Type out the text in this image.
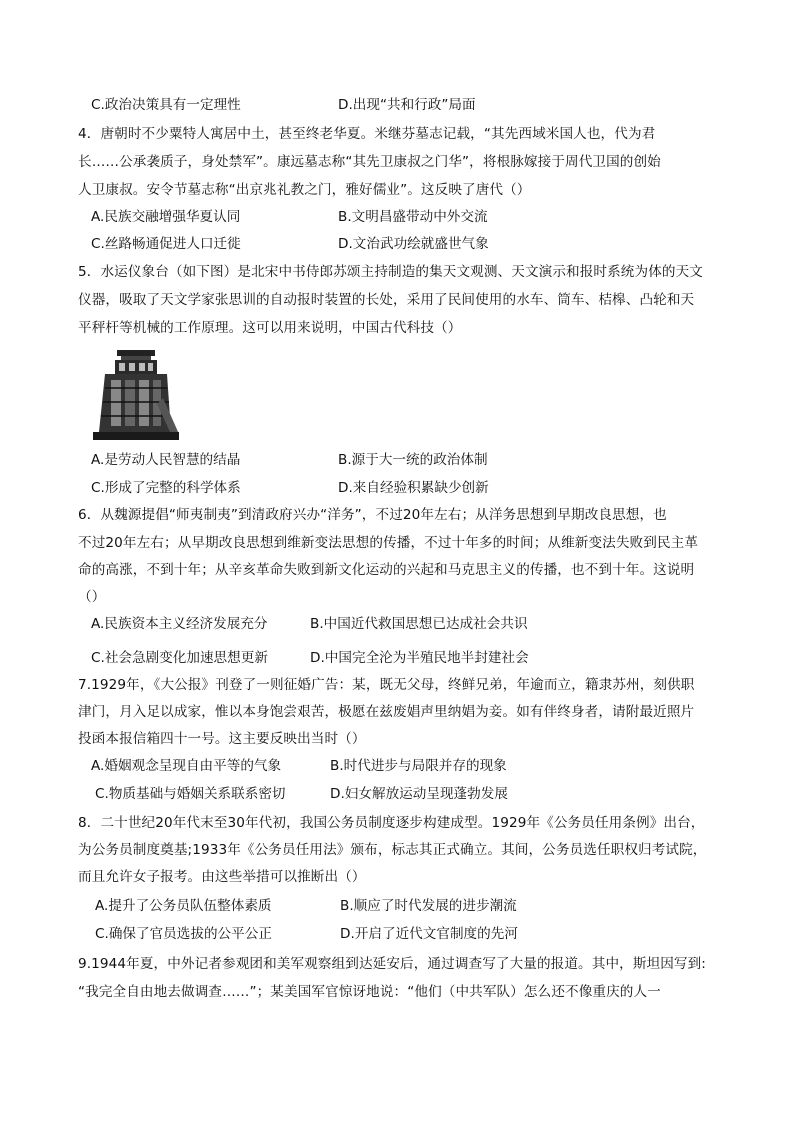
C.政治决策具有一定理性	D.出现“共和行政”局面
4．唐朝时不少粟特人寓居中土，甚至终老华夏。米继芬墓志记载，“其先西域米国人也，代为君
长……公承袭质子，身处禁军”。康远墓志称“其先卫康叔之门华”，将根脉嫁接于周代卫国的创始
人卫康叔。安令节墓志称“出京兆礼教之门，雅好儒业”。这反映了唐代（）
A.民族交融增强华夏认同	B.文明昌盛带动中外交流
C.丝路畅通促进人口迁徙	D.文治武功绘就盛世气象
5．水运仪象台（如下图）是北宋中书侍郎苏颂主持制造的集天文观测、天文演示和报时系统为体的天文
仪器，吸取了天文学家张思训的自动报时装置的长处，采用了民间使用的水车、筒车、桔槔、凸轮和天
平秤杆等机械的工作原理。这可以用来说明，中国古代科技（）
A.是劳动人民智慧的结晶	B.源于大一统的政治体制
C.形成了完整的科学体系	D.来自经验积累缺少创新
6．从魏源提倡“师夷制夷”到清政府兴办“洋务”，不过20年左右；从洋务思想到早期改良思想，也
不过20年左右；从早期改良思想到维新变法思想的传播，不过十年多的时间；从维新变法失败到民主革
命的高涨，不到十年；从辛亥革命失败到新文化运动的兴起和马克思主义的传播，也不到十年。这说明
（）
A.民族资本主义经济发展充分	B.中国近代救国思想已达成社会共识
C.社会急剧变化加速思想更新	D.中国完全沦为半殖民地半封建社会
7.1929年，《大公报》刊登了一则征婚广告：某，既无父母，终鲜兄弟，年逾而立，籍隶苏州，刻供职
津门，月入足以成家，惟以本身饱尝艰苦，极愿在兹废娼声里纳娼为妾。如有伴终身者，请附最近照片
投函本报信箱四十一号。这主要反映出当时（）
A.婚姻观念呈现自由平等的气象	B.时代进步与局限并存的现象
C.物质基础与婚姻关系联系密切	D.妇女解放运动呈现蓬勃发展
8．二十世纪20年代末至30年代初，我国公务员制度逐步构建成型。1929年《公务员任用条例》出台，
为公务员制度奠基;1933年《公务员任用法》颁布，标志其正式确立。其间，公务员选任职权归考试院，
而且允许女子报考。由这些举措可以推断出（）
A.提升了公务员队伍整体素质	B.顺应了时代发展的进步潮流
C.确保了官员选拔的公平公正	D.开启了近代文官制度的先河
9.1944年夏，中外记者参观团和美军观察组到达延安后，通过调查写了大量的报道。其中，斯坦因写到:
“我完全自由地去做调查……”；某美国军官惊讶地说：“他们（中共军队）怎么还不像重庆的人一
